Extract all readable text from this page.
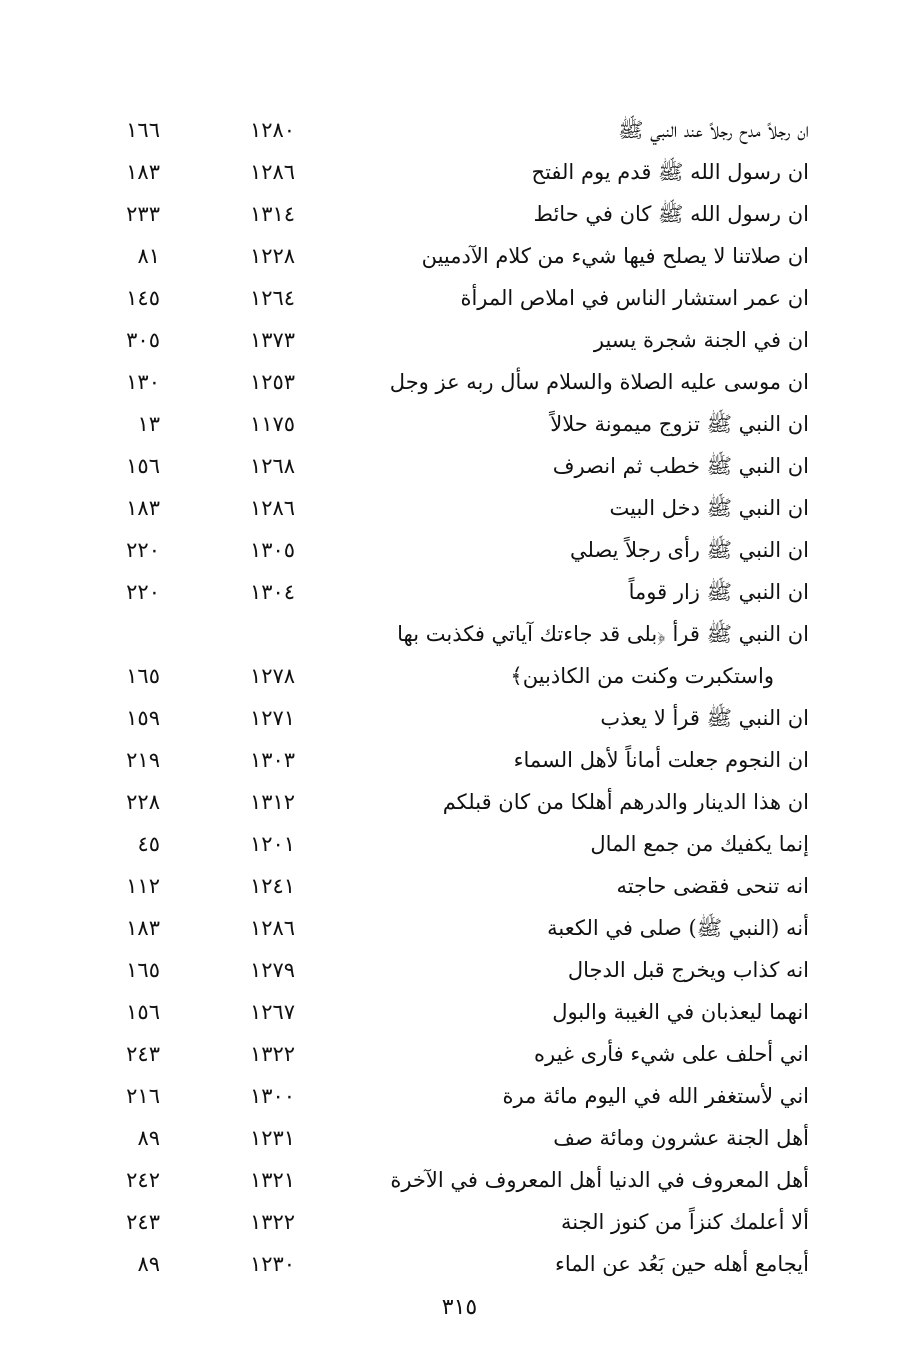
ان رجلاً مدح رجلاً عند النبي ﷺ
١٢٨٠
١٦٦
ان رسول الله ﷺ قدم يوم الفتح
١٢٨٦
١٨٣
ان رسول الله ﷺ كان في حائط
١٣١٤
٢٣٣
ان صلاتنا لا يصلح فيها شيء من كلام الآدميين
١٢٢٨
٨١
ان عمر استشار الناس في املاص المرأة
١٢٦٤
١٤٥
ان في الجنة شجرة يسير
١٣٧٣
٣٠٥
ان موسى عليه الصلاة والسلام سأل ربه عز وجل
١٢٥٣
١٣٠
ان النبي ﷺ تزوج ميمونة حلالاً
١١٧٥
١٣
ان النبي ﷺ خطب ثم انصرف
١٢٦٨
١٥٦
ان النبي ﷺ دخل البيت
١٢٨٦
١٨٣
ان النبي ﷺ رأى رجلاً يصلي
١٣٠٥
٢٢٠
ان النبي ﷺ زار قوماً
١٣٠٤
٢٢٠
ان النبي ﷺ قرأ ﴿بلى قد جاءتك آياتي فكذبت بها
واستكبرت وكنت من الكاذبين﴾
١٢٧٨
١٦٥
ان النبي ﷺ قرأ لا يعذب
١٢٧١
١٥٩
ان النجوم جعلت أماناً لأهل السماء
١٣٠٣
٢١٩
ان هذا الدينار والدرهم أهلكا من كان قبلكم
١٣١٢
٢٢٨
إنما يكفيك من جمع المال
١٢٠١
٤٥
انه تنحى فقضى حاجته
١٢٤١
١١٢
أنه (النبي ﷺ) صلى في الكعبة
١٢٨٦
١٨٣
انه كذاب ويخرج قبل الدجال
١٢٧٩
١٦٥
انهما ليعذبان في الغيبة والبول
١٢٦٧
١٥٦
اني أحلف على شيء فأرى غيره
١٣٢٢
٢٤٣
اني لأستغفر الله في اليوم مائة مرة
١٣٠٠
٢١٦
أهل الجنة عشرون ومائة صف
١٢٣١
٨٩
أهل المعروف في الدنيا أهل المعروف في الآخرة
١٣٢١
٢٤٢
ألا أعلمك كنزاً من كنوز الجنة
١٣٢٢
٢٤٣
أيجامع أهله حين بَعُد عن الماء
١٢٣٠
٨٩
٣١٥
